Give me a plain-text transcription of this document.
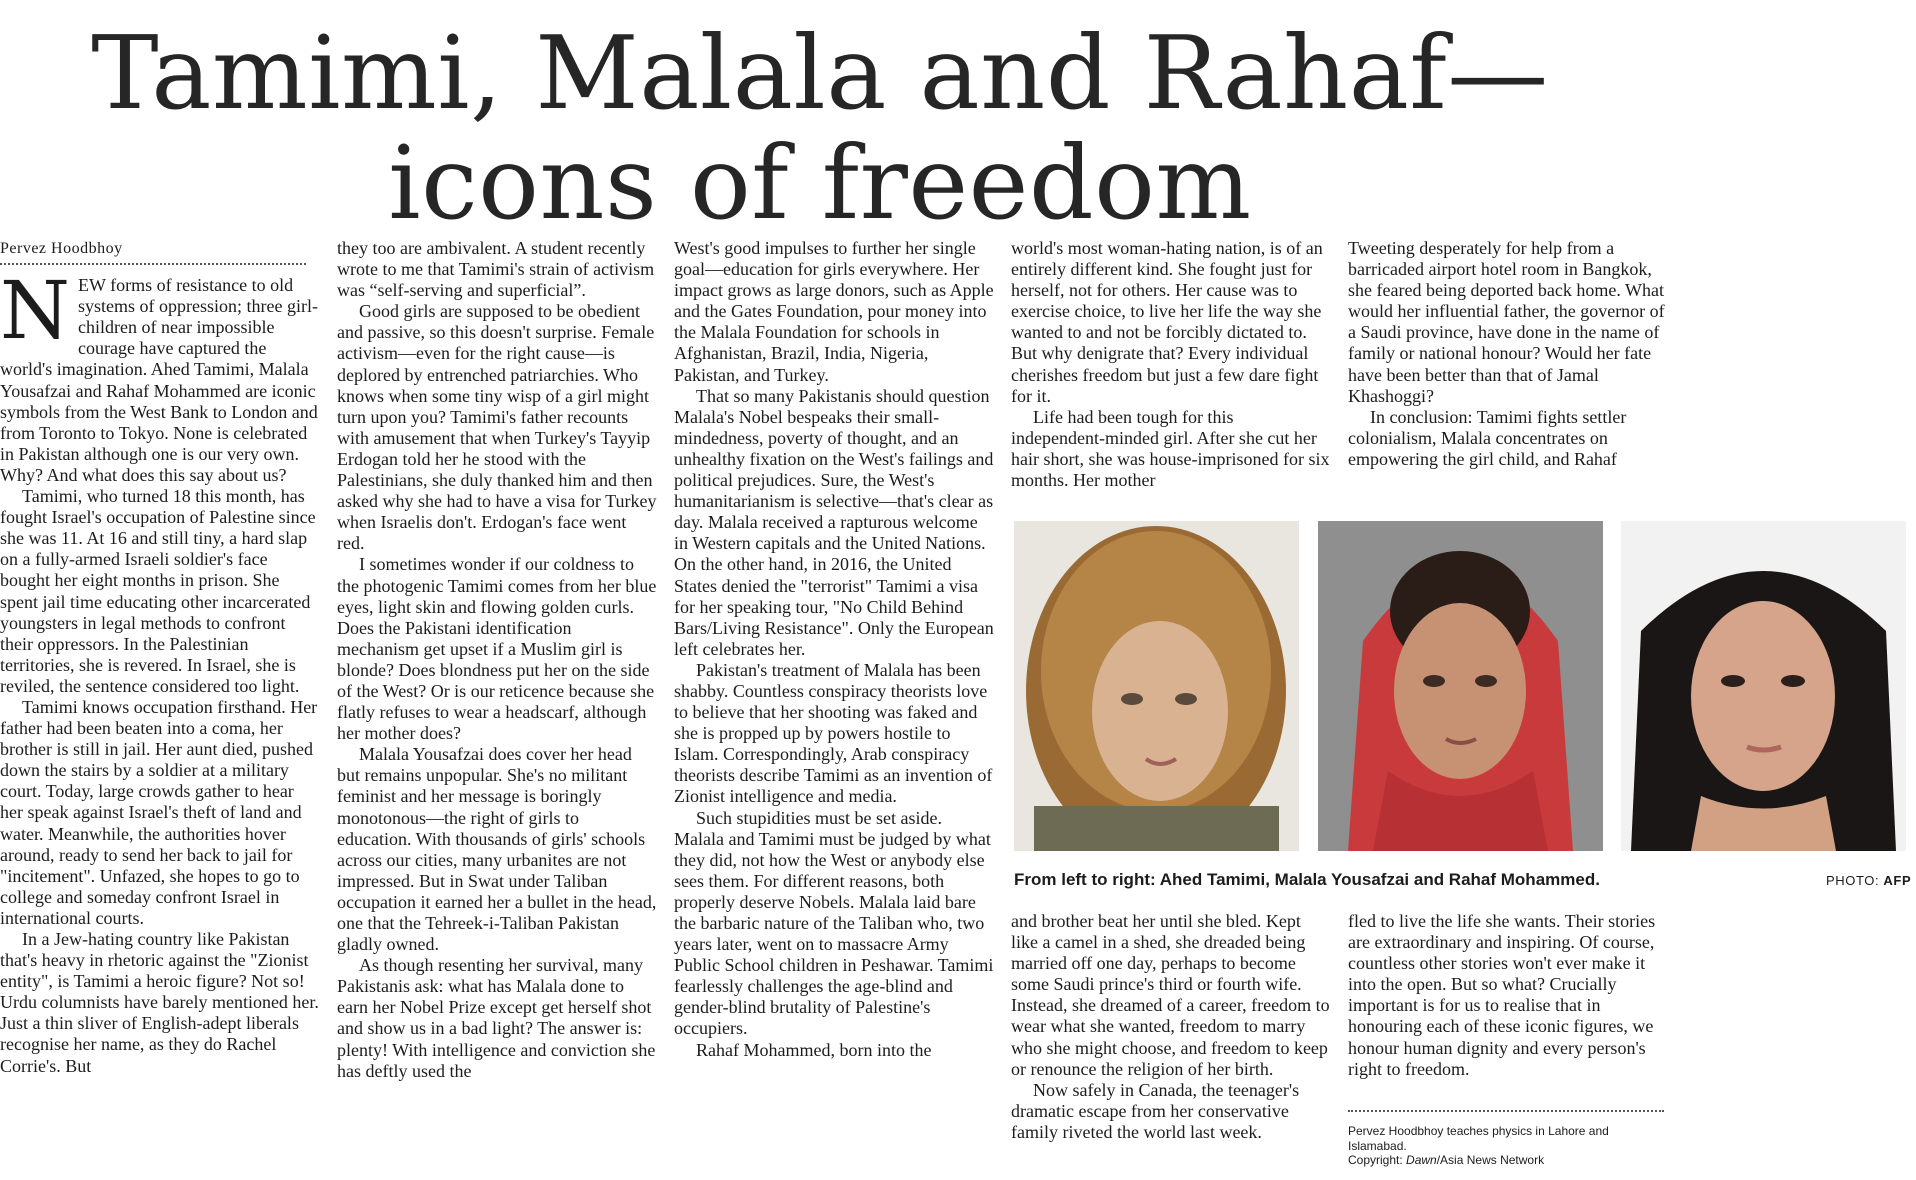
Tamimi, Malala and Rahaf—icons of freedom
Pervez Hoodbhoy
N EW forms of resistance to old systems of oppression; three girl-children of near impossible courage have captured the world's imagination. Ahed Tamimi, Malala Yousafzai and Rahaf Mohammed are iconic symbols from the West Bank to London and from Toronto to Tokyo. None is celebrated in Pakistan although one is our very own. Why? And what does this say about us?

Tamimi, who turned 18 this month, has fought Israel's occupation of Palestine since she was 11. At 16 and still tiny, a hard slap on a fully-armed Israeli soldier's face bought her eight months in prison. She spent jail time educating other incarcerated youngsters in legal methods to confront their oppressors. In the Palestinian territories, she is revered. In Israel, she is reviled, the sentence considered too light.

Tamimi knows occupation firsthand. Her father had been beaten into a coma, her brother is still in jail. Her aunt died, pushed down the stairs by a soldier at a military court. Today, large crowds gather to hear her speak against Israel's theft of land and water. Meanwhile, the authorities hover around, ready to send her back to jail for "incitement". Unfazed, she hopes to go to college and someday confront Israel in international courts.

In a Jew-hating country like Pakistan that's heavy in rhetoric against the "Zionist entity", is Tamimi a heroic figure? Not so! Urdu columnists have barely mentioned her. Just a thin sliver of English-adept liberals recognise her name, as they do Rachel Corrie's. But

they too are ambivalent. A student recently wrote to me that Tamimi's strain of activism was “self-serving and superficial”.

Good girls are supposed to be obedient and passive, so this doesn't surprise. Female activism—even for the right cause—is deplored by entrenched patriarchies. Who knows when some tiny wisp of a girl might turn upon you? Tamimi's father recounts with amusement that when Turkey's Tayyip Erdogan told her he stood with the Palestinians, she duly thanked him and then asked why she had to have a visa for Turkey when Israelis don't. Erdogan's face went red.

I sometimes wonder if our coldness to the photogenic Tamimi comes from her blue eyes, light skin and flowing golden curls. Does the Pakistani identification mechanism get upset if a Muslim girl is blonde? Does blondness put her on the side of the West? Or is our reticence because she flatly refuses to wear a headscarf, although her mother does?

Malala Yousafzai does cover her head but remains unpopular. She's no militant feminist and her message is boringly monotonous—the right of girls to education. With thousands of girls' schools across our cities, many urbanites are not impressed. But in Swat under Taliban occupation it earned her a bullet in the head, one that the Tehreek-i-Taliban Pakistan gladly owned.

As though resenting her survival, many Pakistanis ask: what has Malala done to earn her Nobel Prize except get herself shot and show us in a bad light? The answer is: plenty! With intelligence and conviction she has deftly used the

West's good impulses to further her single goal—education for girls everywhere. Her impact grows as large donors, such as Apple and the Gates Foundation, pour money into the Malala Foundation for schools in Afghanistan, Brazil, India, Nigeria, Pakistan, and Turkey.

That so many Pakistanis should question Malala's Nobel bespeaks their small-mindedness, poverty of thought, and an unhealthy fixation on the West's failings and political prejudices. Sure, the West's humanitarianism is selective—that's clear as day. Malala received a rapturous welcome in Western capitals and the United Nations. On the other hand, in 2016, the United States denied the "terrorist" Tamimi a visa for her speaking tour, "No Child Behind Bars/Living Resistance". Only the European left celebrates her.

Pakistan's treatment of Malala has been shabby. Countless conspiracy theorists love to believe that her shooting was faked and she is propped up by powers hostile to Islam. Correspondingly, Arab conspiracy theorists describe Tamimi as an invention of Zionist intelligence and media.

Such stupidities must be set aside. Malala and Tamimi must be judged by what they did, not how the West or anybody else sees them. For different reasons, both properly deserve Nobels. Malala laid bare the barbaric nature of the Taliban who, two years later, went on to massacre Army Public School children in Peshawar. Tamimi fearlessly challenges the age-blind and gender-blind brutality of Palestine's occupiers.

Rahaf Mohammed, born into the

world's most woman-hating nation, is of an entirely different kind. She fought just for herself, not for others. Her cause was to exercise choice, to live her life the way she wanted to and not be forcibly dictated to. But why denigrate that? Every individual cherishes freedom but just a few dare fight for it.

Life had been tough for this independent-minded girl. After she cut her hair short, she was house-imprisoned for six months. Her mother

Tweeting desperately for help from a barricaded airport hotel room in Bangkok, she feared being deported back home. What would her influential father, the governor of a Saudi province, have done in the name of family or national honour? Would her fate have been better than that of Jamal Khashoggi?

In conclusion: Tamimi fights settler colonialism, Malala concentrates on empowering the girl child, and Rahaf

From left to right: Ahed Tamimi, Malala Yousafzai and Rahaf Mohammed.	PHOTO: AFP

and brother beat her until she bled. Kept like a camel in a shed, she dreaded being married off one day, perhaps to become some Saudi prince's third or fourth wife. Instead, she dreamed of a career, freedom to wear what she wanted, freedom to marry who she might choose, and freedom to keep or renounce the religion of her birth.

Now safely in Canada, the teenager's dramatic escape from her conservative family riveted the world last week.

fled to live the life she wants. Their stories are extraordinary and inspiring. Of course, countless other stories won't ever make it into the open. But so what? Crucially important is for us to realise that in honouring each of these iconic figures, we honour human dignity and every person's right to freedom.

Pervez Hoodbhoy teaches physics in Lahore and Islamabad.
Copyright: Dawn/Asia News Network
